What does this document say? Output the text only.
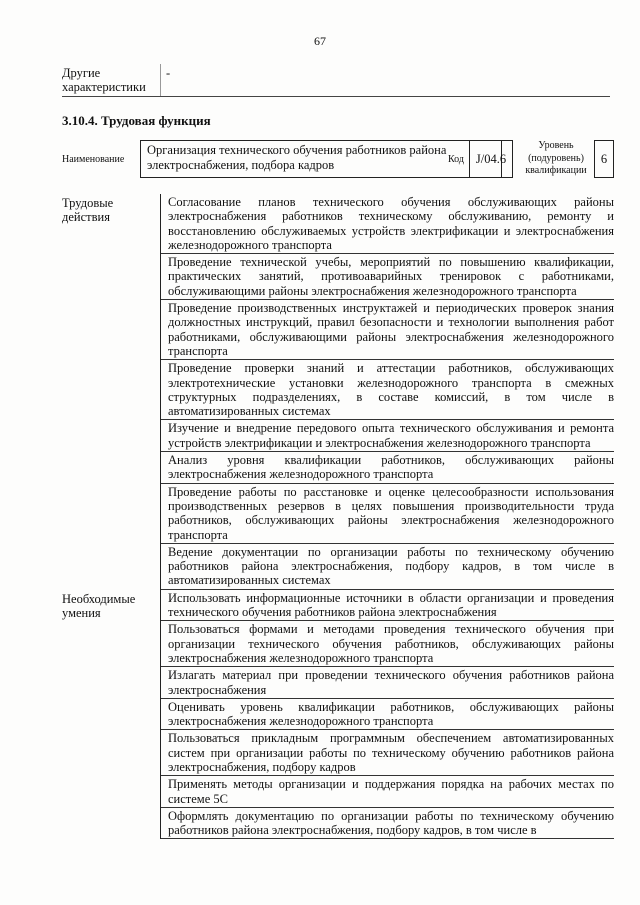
67
Другие характеристики
-
3.10.4. Трудовая функция
Наименование
Организация технического обучения работников района электроснабжения, подбора кадров	Код J/04.6
Уровень (подуровень) квалификации
6
Трудовые действия
Согласование планов технического обучения обслуживающих районы электроснабжения работников техническому обслуживанию, ремонту и восстановлению обслуживаемых устройств электрификации и электроснабжения железнодорожного транспорта
Проведение технической учебы, мероприятий по повышению квалификации, практических занятий, противоаварийных тренировок с работниками, обслуживающими районы электроснабжения железнодорожного транспорта
Проведение производственных инструктажей и периодических проверок знания должностных инструкций, правил безопасности и технологии выполнения работ работниками, обслуживающими районы электроснабжения железнодорожного транспорта
Проведение проверки знаний и аттестации работников, обслуживающих электротехнические установки железнодорожного транспорта в смежных структурных подразделениях, в составе комиссий, в том числе в автоматизированных системах
Изучение и внедрение передового опыта технического обслуживания и ремонта устройств электрификации и электроснабжения железнодорожного транспорта
Анализ уровня квалификации работников, обслуживающих районы электроснабжения железнодорожного транспорта
Проведение работы по расстановке и оценке целесообразности использования производственных резервов в целях повышения производительности труда работников, обслуживающих районы электроснабжения железнодорожного транспорта
Ведение документации по организации работы по техническому обучению работников района электроснабжения, подбору кадров, в том числе в автоматизированных системах
Необходимые умения
Использовать информационные источники в области организации и проведения технического обучения работников района электроснабжения
Пользоваться формами и методами проведения технического обучения при организации технического обучения работников, обслуживающих районы электроснабжения железнодорожного транспорта
Излагать материал при проведении технического обучения работников района электроснабжения
Оценивать уровень квалификации работников, обслуживающих районы электроснабжения железнодорожного транспорта
Пользоваться прикладным программным обеспечением автоматизированных систем при организации работы по техническому обучению работников района электроснабжения, подбору кадров
Применять методы организации и поддержания порядка на рабочих местах по системе 5С
Оформлять документацию по организации работы по техническому обучению работников района электроснабжения, подбору кадров, в том числе в
